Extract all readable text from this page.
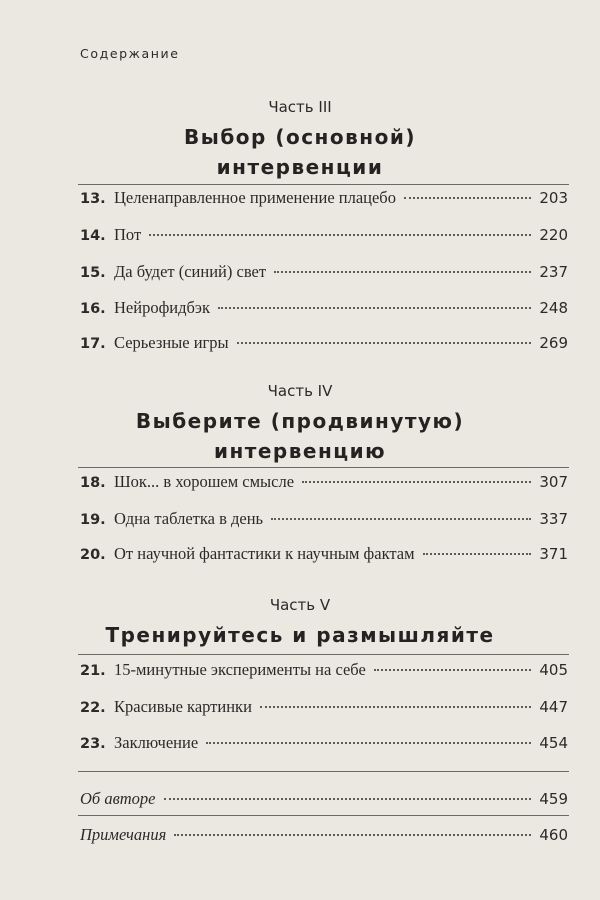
Содержание
Часть III
Выбор (основной)
интервенции
13. Целенаправленное применение плацебо	203
14. Пот	220
15. Да будет (синий) свет	237
16. Нейрофидбэк	248
17. Серьезные игры	269
Часть IV
Выберите (продвинутую)
интервенцию
18. Шок... в хорошем смысле	307
19. Одна таблетка в день	337
20. От научной фантастики к научным фактам	371
Часть V
Тренируйтесь и размышляйте
21. 15-минутные эксперименты на себе	405
22. Красивые картинки	447
23. Заключение	454
Об авторе	459
Примечания	460
